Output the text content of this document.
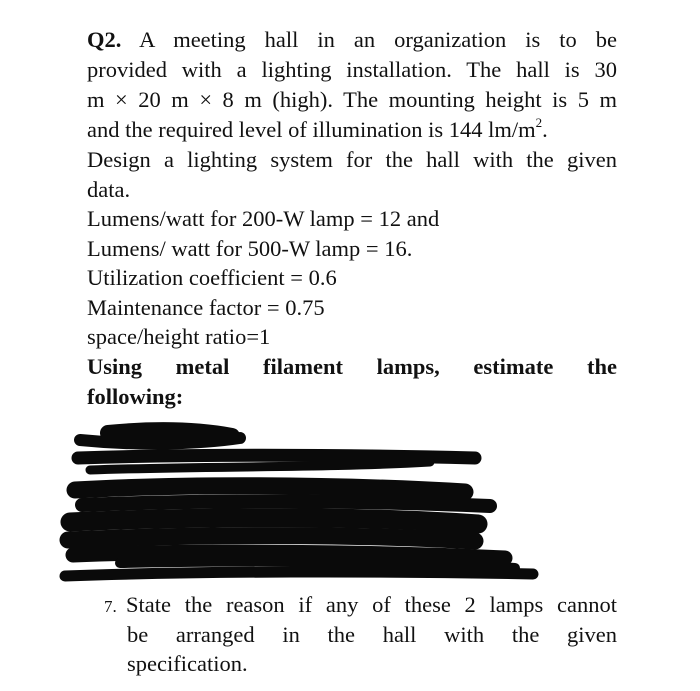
Q2. A meeting hall in an organization is to be
provided with a lighting installation. The hall is 30
m × 20 m × 8 m (high). The mounting height is 5 m
and the required level of illumination is 144 $lm/m^2$.
Design a lighting system for the hall with the given
data.
Lumens/watt for 200-W lamp = 12 and
Lumens/ watt for 500-W lamp = 16.
Utilization coefficient = 0.6
Maintenance factor = 0.75
space/height ratio=1
Using metal filament lamps, estimate the
following:
7. State the reason if any of these 2 lamps cannot
be arranged in the hall with the given
specification.
